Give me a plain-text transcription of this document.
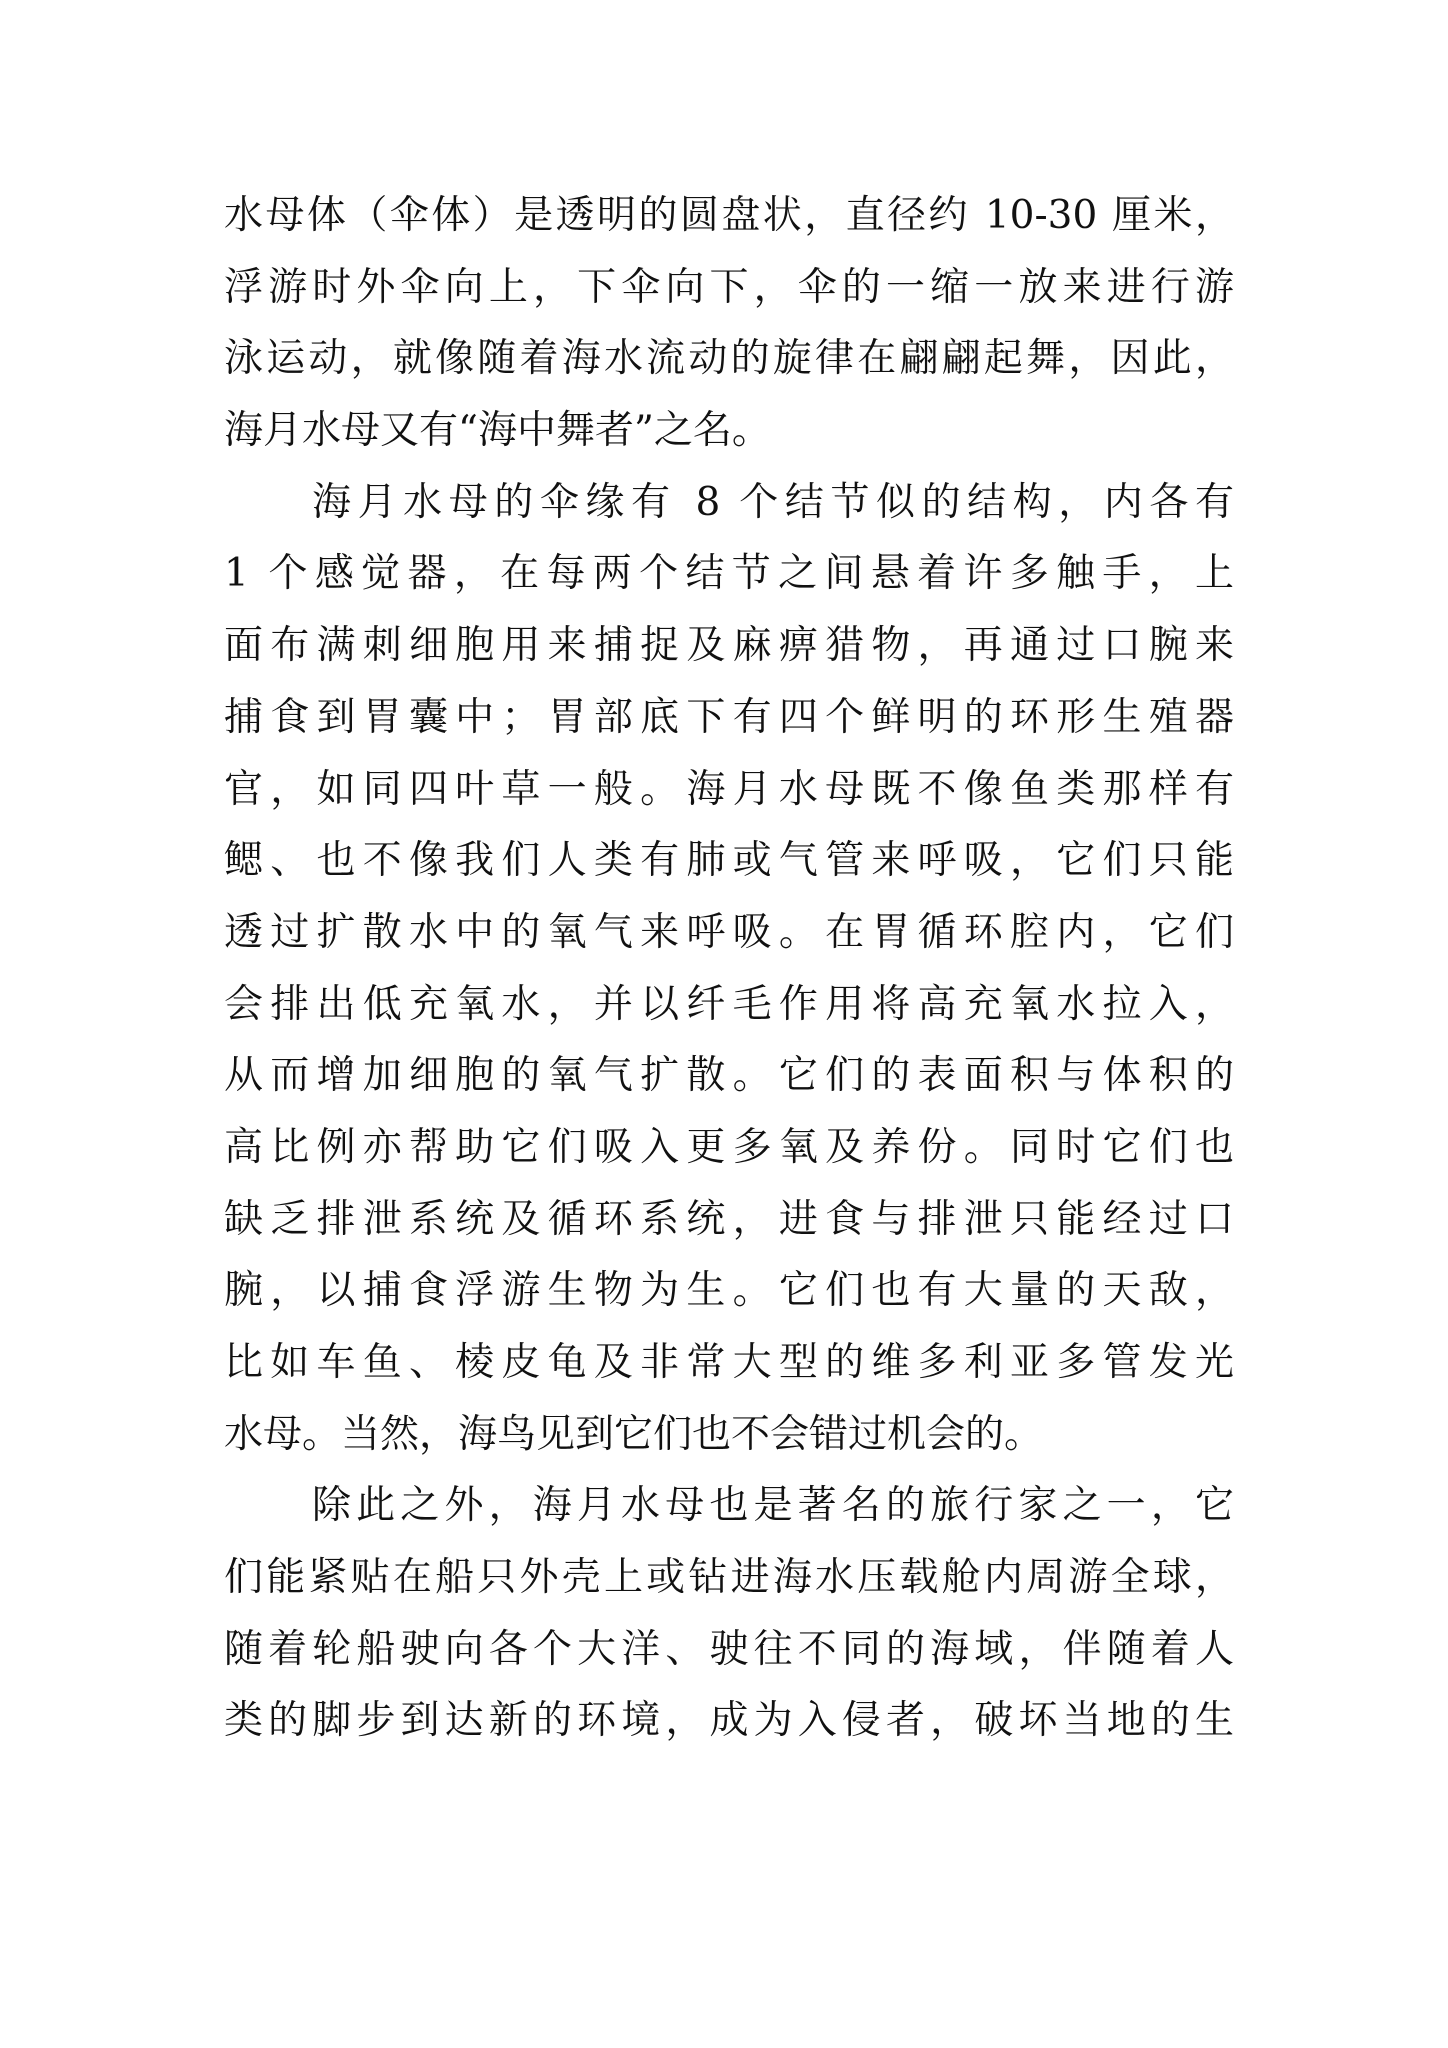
水母体（伞体）是透明的圆盘状，直径约 10-30 厘米，
浮游时外伞向上，下伞向下，伞的一缩一放来进行游
泳运动，就像随着海水流动的旋律在翩翩起舞，因此，
海月水母又有“海中舞者”之名。
海月水母的伞缘有 8 个结节似的结构，内各有
1 个感觉器，在每两个结节之间悬着许多触手，上
面布满刺细胞用来捕捉及麻痹猎物，再通过口腕来
捕食到胃囊中；胃部底下有四个鲜明的环形生殖器
官，如同四叶草一般。海月水母既不像鱼类那样有
鳃、也不像我们人类有肺或气管来呼吸，它们只能
透过扩散水中的氧气来呼吸。在胃循环腔内，它们
会排出低充氧水，并以纤毛作用将高充氧水拉入，
从而增加细胞的氧气扩散。它们的表面积与体积的
高比例亦帮助它们吸入更多氧及养份。同时它们也
缺乏排泄系统及循环系统，进食与排泄只能经过口
腕，以捕食浮游生物为生。它们也有大量的天敌，
比如车鱼、棱皮龟及非常大型的维多利亚多管发光
水母。当然，海鸟见到它们也不会错过机会的。
除此之外，海月水母也是著名的旅行家之一，它
们能紧贴在船只外壳上或钻进海水压载舱内周游全球，
随着轮船驶向各个大洋、驶往不同的海域，伴随着人
类的脚步到达新的环境，成为入侵者，破坏当地的生
